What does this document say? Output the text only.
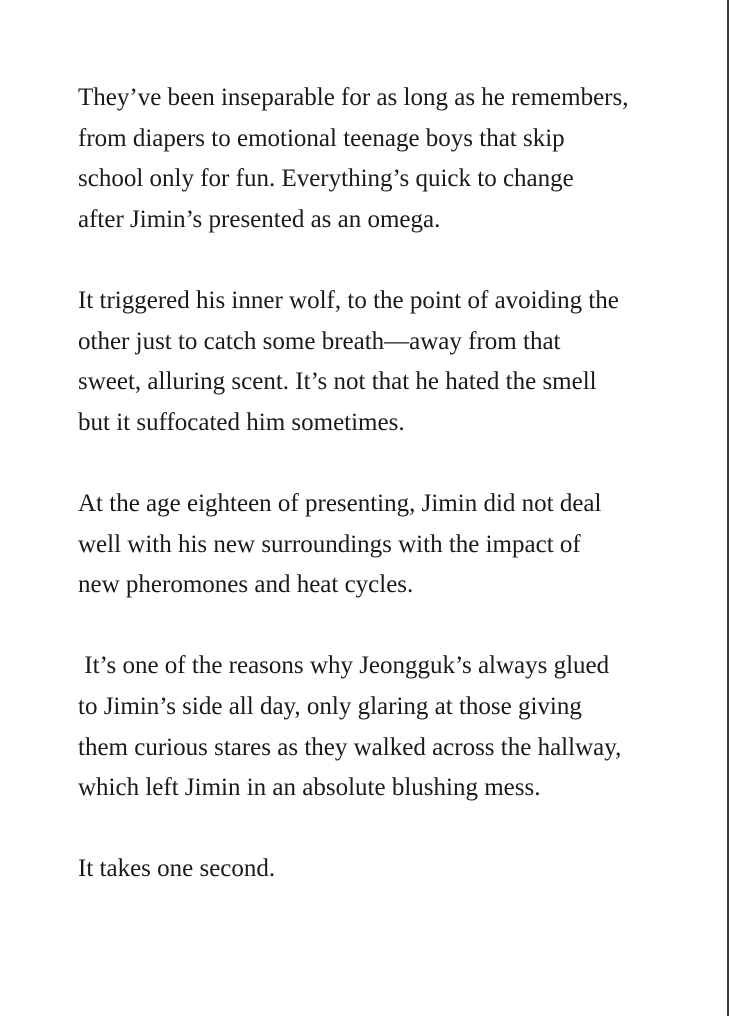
They’ve been inseparable for as long as he remembers,
from diapers to emotional teenage boys that skip
school only for fun. Everything’s quick to change
after Jimin’s presented as an omega.

It triggered his inner wolf, to the point of avoiding the
other just to catch some breath—away from that
sweet, alluring scent. It’s not that he hated the smell
but it suffocated him sometimes.

At the age eighteen of presenting, Jimin did not deal
well with his new surroundings with the impact of
new pheromones and heat cycles.

It’s one of the reasons why Jeongguk’s always glued
to Jimin’s side all day, only glaring at those giving
them curious stares as they walked across the hallway,
which left Jimin in an absolute blushing mess.

It takes one second.
